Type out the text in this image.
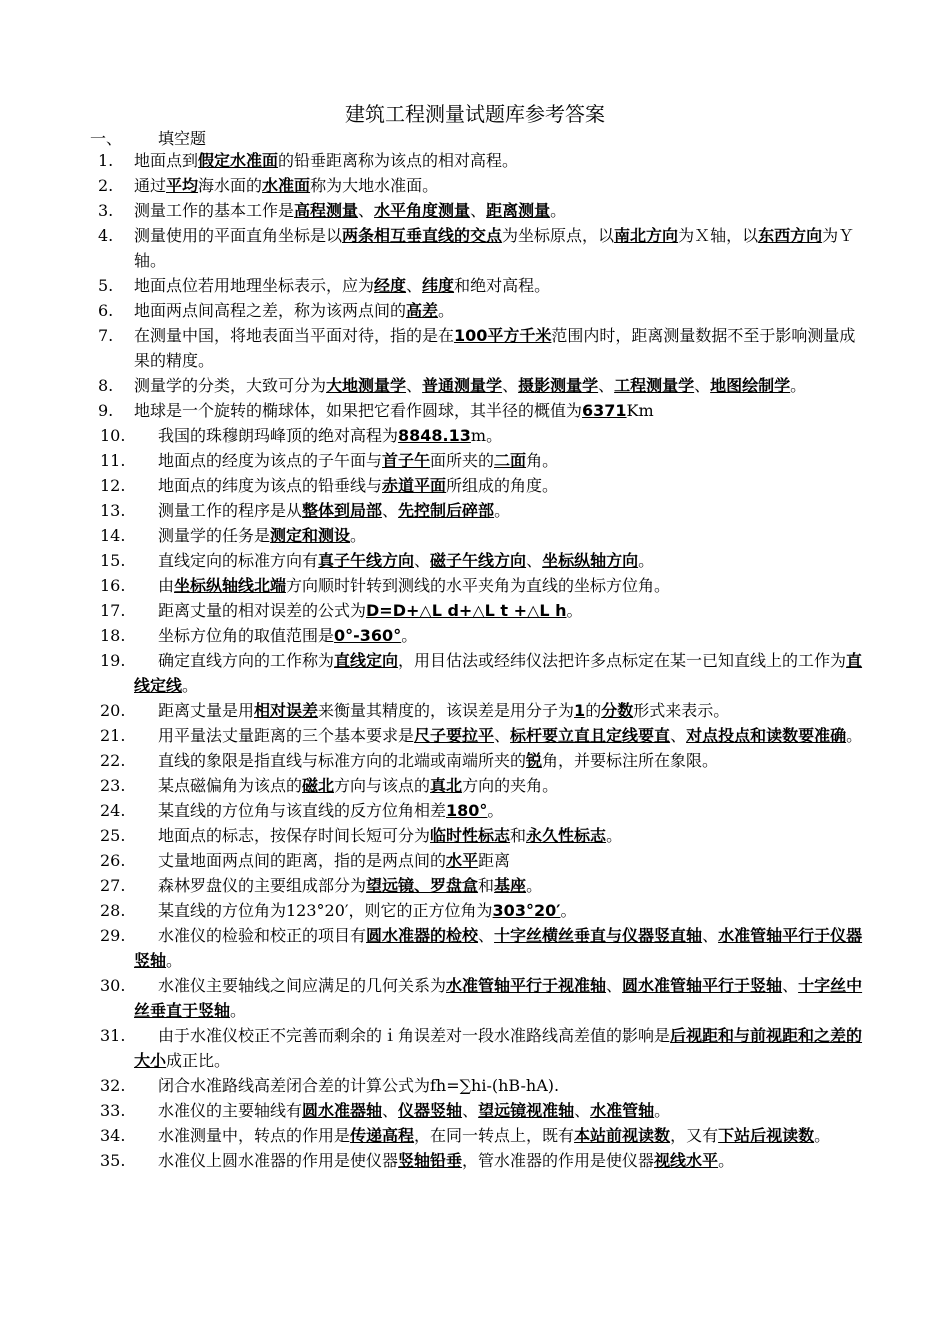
建筑工程测量试题库参考答案
一、 填空题
1. 地面点到假定水准面的铅垂距离称为该点的相对高程。
2. 通过平均海水面的水准面称为大地水准面。
3. 测量工作的基本工作是高程测量、水平角度测量、距离测量。
4. 测量使用的平面直角坐标是以两条相互垂直线的交点为坐标原点，以南北方向为Ｘ轴，以东西方向为Ｙ轴。
5. 地面点位若用地理坐标表示，应为经度、纬度和绝对高程。
6. 地面两点间高程之差，称为该两点间的高差。
7. 在测量中国，将地表面当平面对待，指的是在100平方千米范围内时，距离测量数据不至于影响测量成果的精度。
8. 测量学的分类，大致可分为大地测量学、普通测量学、摄影测量学、工程测量学、地图绘制学。
9. 地球是一个旋转的椭球体，如果把它看作圆球，其半径的概值为6371Km
10.	我国的珠穆朗玛峰顶的绝对高程为8848.13m。
11.	地面点的经度为该点的子午面与首子午面所夹的二面角。
12.	地面点的纬度为该点的铅垂线与赤道平面所组成的角度。
13.	测量工作的程序是从整体到局部、先控制后碎部。
14.	测量学的任务是测定和测设。
15.	直线定向的标准方向有真子午线方向、磁子午线方向、坐标纵轴方向。
16.	由坐标纵轴线北端方向顺时针转到测线的水平夹角为直线的坐标方位角。
17.	距离丈量的相对误差的公式为D=D+△L d+△L t +△L h。
18.	坐标方位角的取值范围是0°-360°。
19.	确定直线方向的工作称为直线定向，用目估法或经纬仪法把许多点标定在某一已知直线上的工作为直线定线。
20.	距离丈量是用相对误差来衡量其精度的，该误差是用分子为1的分数形式来表示。
21.	用平量法丈量距离的三个基本要求是尺子要拉平、标杆要立直且定线要直、对点投点和读数要准确。
22.	直线的象限是指直线与标准方向的北端或南端所夹的锐角，并要标注所在象限。
23.	某点磁偏角为该点的磁北方向与该点的真北方向的夹角。
24.	某直线的方位角与该直线的反方位角相差180°。
25.	地面点的标志，按保存时间长短可分为临时性标志和永久性标志。
26.	丈量地面两点间的距离，指的是两点间的水平距离
27.	森林罗盘仪的主要组成部分为望远镜、罗盘盒和基座。
28.	某直线的方位角为123°20′，则它的正方位角为303°20′。
29.	水准仪的检验和校正的项目有圆水准器的检校、十字丝横丝垂直与仪器竖直轴、水准管轴平行于仪器竖轴。
30.	水准仪主要轴线之间应满足的几何关系为水准管轴平行于视准轴、圆水准管轴平行于竖轴、十字丝中丝垂直于竖轴。
31.	由于水准仪校正不完善而剩余的ｉ角误差对一段水准路线高差值的影响是后视距和与前视距和之差的大小成正比。
32.	闭合水准路线高差闭合差的计算公式为fh=∑hi-(hB-hA).
33.	水准仪的主要轴线有圆水准器轴、仪器竖轴、望远镜视准轴、水准管轴。
34.	水准测量中，转点的作用是传递高程，在同一转点上，既有本站前视读数，又有下站后视读数。
35.	水准仪上圆水准器的作用是使仪器竖轴铅垂，管水准器的作用是使仪器视线水平。
